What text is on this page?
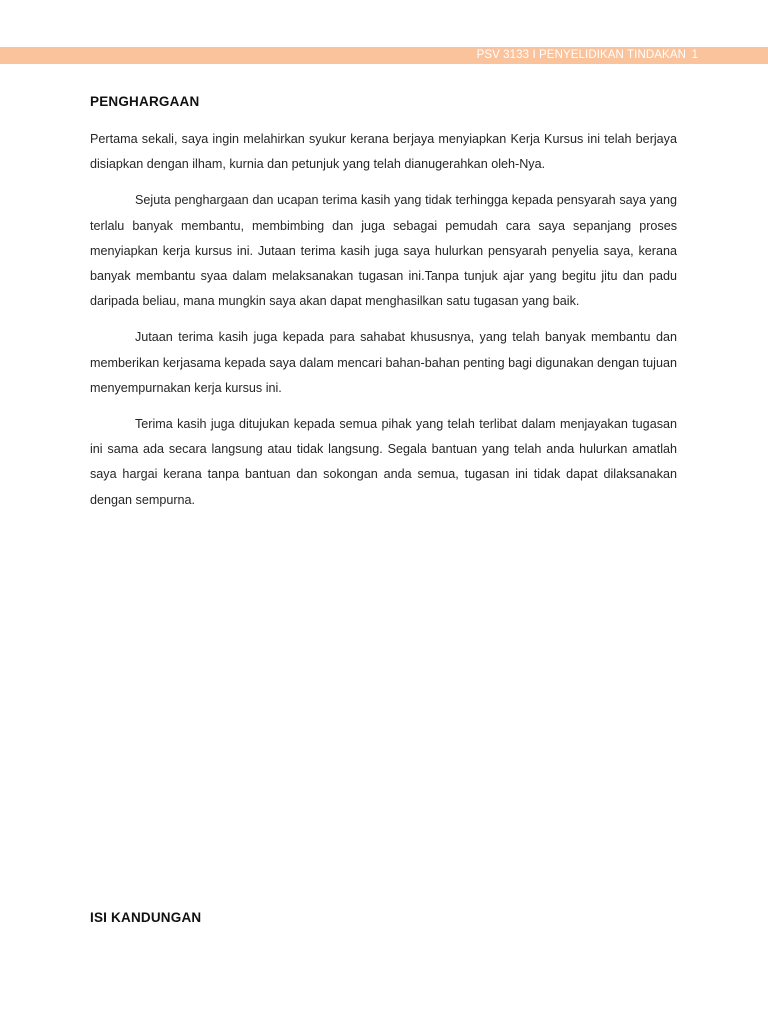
PSV 3133 I PENYELIDIKAN TINDAKAN 1
PENGHARGAAN

Pertama sekali, saya ingin melahirkan syukur kerana berjaya menyiapkan Kerja Kursus ini telah berjaya disiapkan dengan ilham, kurnia dan petunjuk yang telah dianugerahkan oleh-Nya.

Sejuta penghargaan dan ucapan terima kasih yang tidak terhingga kepada pensyarah saya yang terlalu banyak membantu, membimbing dan juga sebagai pemudah cara saya sepanjang proses menyiapkan kerja kursus ini. Jutaan terima kasih juga saya hulurkan pensyarah penyelia saya, kerana banyak membantu syaa dalam melaksanakan tugasan ini.Tanpa tunjuk ajar yang begitu jitu dan padu daripada beliau, mana mungkin saya akan dapat menghasilkan satu tugasan yang baik.

Jutaan terima kasih juga kepada para sahabat khususnya, yang telah banyak membantu dan memberikan kerjasama kepada saya dalam mencari bahan-bahan penting bagi digunakan dengan tujuan menyempurnakan kerja kursus ini.

Terima kasih juga ditujukan kepada semua pihak yang telah terlibat dalam menjayakan tugasan ini sama ada secara langsung atau tidak langsung. Segala bantuan yang telah anda hulurkan amatlah saya hargai kerana tanpa bantuan dan sokongan anda semua, tugasan ini tidak dapat dilaksanakan dengan sempurna.

ISI KANDUNGAN
